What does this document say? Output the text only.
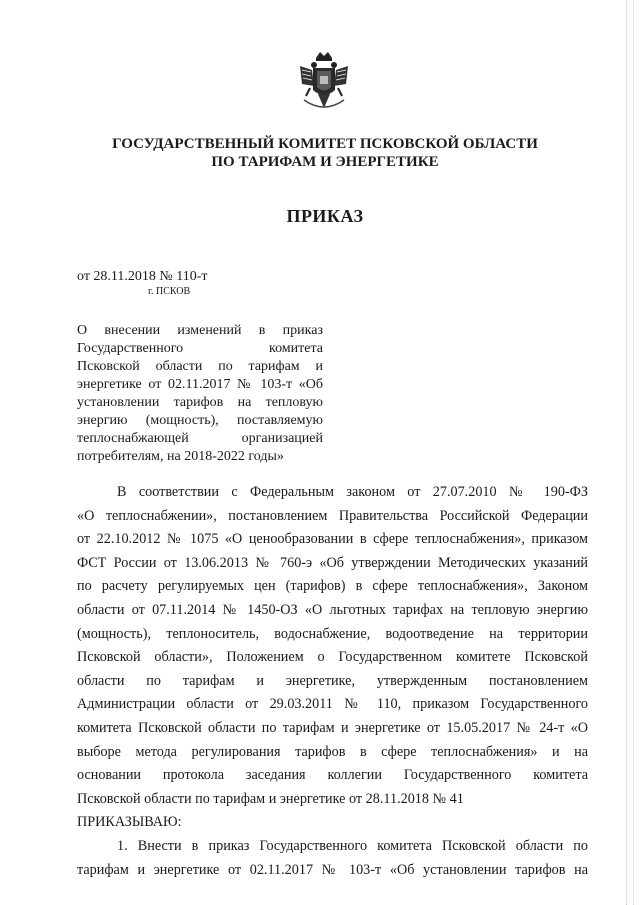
ГОСУДАРСТВЕННЫЙ КОМИТЕТ ПСКОВСКОЙ ОБЛАСТИ
ПО ТАРИФАМ И ЭНЕРГЕТИКЕ
ПРИКАЗ
от 28.11.2018 № 110-т
г. ПСКОВ
О внесении изменений в приказ
Государственного комитета
Псковской области по тарифам и
энергетике от 02.11.2017 № 103-т «Об
установлении тарифов на тепловую
энергию (мощность), поставляемую
теплоснабжающей организацией
потребителям, на 2018-2022 годы»
В соответствии с Федеральным законом от 27.07.2010 № 190-ФЗ
«О теплоснабжении», постановлением Правительства Российской Федерации
от 22.10.2012 № 1075 «О ценообразовании в сфере теплоснабжения», приказом
ФСТ России от 13.06.2013 № 760-э «Об утверждении Методических указаний
по расчету регулируемых цен (тарифов) в сфере теплоснабжения», Законом
области от 07.11.2014 № 1450-ОЗ «О льготных тарифах на тепловую энергию
(мощность), теплоноситель, водоснабжение, водоотведение на территории
Псковской области», Положением о Государственном комитете Псковской
области по тарифам и энергетике, утвержденным постановлением
Администрации области от 29.03.2011 № 110, приказом Государственного
комитета Псковской области по тарифам и энергетике от 15.05.2017 № 24-т «О
выборе метода регулирования тарифов в сфере теплоснабжения» и на
основании протокола заседания коллегии Государственного комитета
Псковской области по тарифам и энергетике от 28.11.2018 № 41
ПРИКАЗЫВАЮ:
1. Внести в приказ Государственного комитета Псковской области по
тарифам и энергетике от 02.11.2017 № 103-т «Об установлении тарифов на
